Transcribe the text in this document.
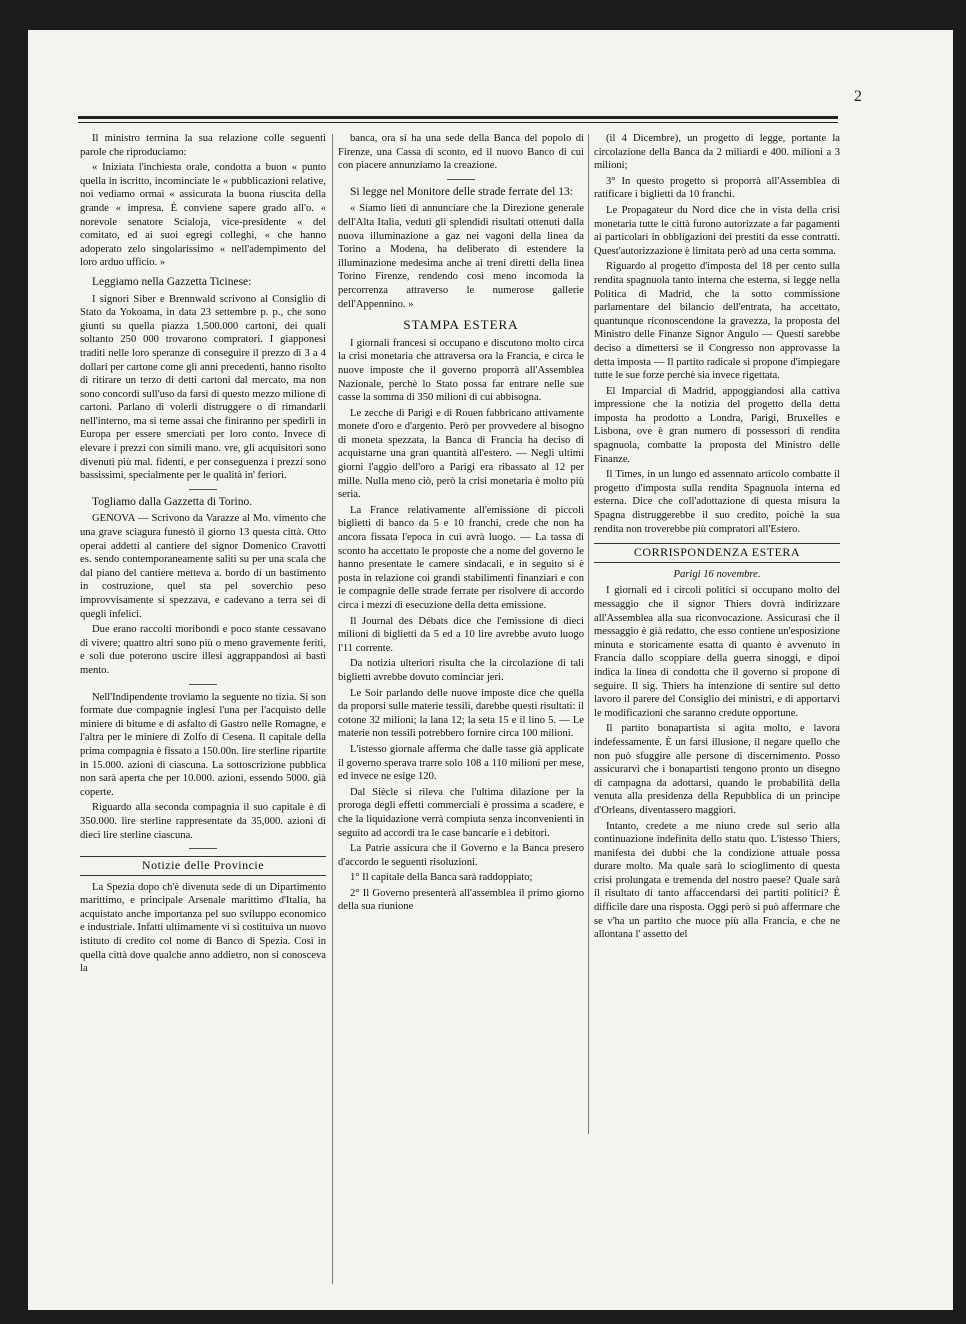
2

Il ministro termina la sua relazione colle seguenti parole che riproduciamo:

« Iniziata l'inchiesta orale, condotta a buon « punto quella in iscritto, incominciate le « pubblicazioni relative, noi vediamo ormai « assicurata la buona riuscita della grande « impresa. È conviene sapere grado all'o. « norevole senatore Scialoja, vice-presidente « del comitato, ed ai suoi egregi colleghi, « che hanno adoperato zelo singolarissimo « nell'adempimento del loro arduo ufficio. »

Leggiamo nella Gazzetta Ticinese:

I signori Siber e Brennwald scrivono al Consiglio di Stato da Yokoama, in data 23 settembre p. p., che sono giunti su quella piazza 1.500.000 cartoni, dei quali soltanto 250 000 trovarono compratori. I giapponesi traditi nelle loro speranze di conseguire il prezzo di 3 a 4 dollari per cartone come gli anni precedenti, hanno risolto di ritirare un terzo di detti cartoni dal mercato, ma non sono concordi sull'uso da farsi di questo mezzo milione di cartoni. Parlano di volerli distruggere o di rimandarli nell'interno, ma si teme assai che finiranno per spedirli in Europa per essere smerciati per loro conto. Invece di elevare i prezzi con simili mano. vre, gli acquisitori sono divenuti più mal. fidenti, e per conseguenza i prezzi sono bassissimi, specialmente per le qualità in' feriori.

Togliamo dalla Gazzetta di Torino.

GENOVA — Scrivono da Varazze al Mo. vimento che una grave sciagura funestò il giorno 13 questa città. Otto operai addetti al cantiere del signor Domenico Cravotti es. sendo contemporaneamente saliti su per una scala che dal piano del cantiere metteva a. bordo di un bastimento in costruzione, quel sta pel soverchio peso improvvisamente si spezzava, e cadevano a terra sei di quegli infelici.

Due erano raccolti moribondi e poco stante cessavano di vivere; quattro altri sono più o meno gravemente feriti, e soli due poterono uscire illesi aggrappandosi ai basti mento.

Nell'Indipendente troviamo la seguente no tizia. Si son formate due compagnie inglesi l'una per l'acquisto delle miniere di bitume e di asfalto di Gastro nelle Romagne, e l'altra per le miniere di Zolfo di Cesena. Il capitale della prima compagnia è fissato a 150.00n. lire sterline ripartite in 15.000. azioni di ciascuna. La sottoscrizione pubblica non sarà aperta che per 10.000. azioni, essendo 5000. già coperte.

Riguardo alla seconda compagnia il suo capitale è di 350.000. lire sterline rappresentate da 35,000. azioni di dieci lire sterline ciascuna.

Notizie delle Provincie

La Spezia dopo ch'è divenuta sede di un Dipartimento marittimo, e principale Arsenale marittimo d'Italia, ha acquistato anche importanza pel suo sviluppo economico e industriale. Infatti ultimamente vi si costituiva un nuovo istituto di credito col nome di Banco di Spezia. Così in quella città dove qualche anno addietro, non si conosceva la

banca, ora si ha una sede della Banca del popolo di Firenze, una Cassa di sconto, ed il nuovo Banco di cui con piacere annunziamo la creazione.

Si legge nel Monitore delle strade ferrate del 13:

« Siamo lieti di annunciare che la Direzione generale dell'Alta Italia, veduti gli splendidi risultati ottenuti dalla nuova illuminazione a gaz nei vagoni della linea da Torino a Modena, ha deliberato di estendere la illuminazione medesima anche ai treni diretti della linea Torino Firenze, rendendo così meno incomoda la percorrenza attraverso le numerose gallerie dell'Appennino. »

STAMPA ESTERA

I giornali francesi si occupano e discutono molto circa la crisi monetaria che attraversa ora la Francia, e circa le nuove imposte che il governo proporrà all'Assemblea Nazionale, perchè lo Stato possa far entrare nelle sue casse la somma di 350 milioni di cui abbisogna.

Le zecche di Parigi e di Rouen fabbricano attivamente monete d'oro e d'argento. Però per provvedere al bisogno di moneta spezzata, la Banca di Francia ha deciso di acquistarne una gran quantità all'estero. — Negli ultimi giorni l'aggio dell'oro a Parigi era ribassato al 12 per mille. Nulla meno ciò, però la crisi monetaria è molto più seria.

La France relativamente all'emissione di piccoli biglietti di banco da 5 e 10 franchi, crede che non ha ancora fissata l'epoca in cui avrà luogo. — La tassa di sconto ha accettato le proposte che a nome del governo le hanno presentate le camere sindacali, e in seguito si è posta in relazione coi grandi stabilimenti finanziari e con le compagnie delle strade ferrate per risolvere di accordo circa i mezzi di esecuzione della detta emissione.

Il Journal des Débats dice che l'emissione di dieci milioni di biglietti da 5 ed a 10 lire avrebbe avuto luogo l'11 corrente.

Da notizia ulteriori risulta che la circolazione di tali biglietti avrebbe dovuto cominciar jeri.

Le Soir parlando delle nuove imposte dice che quella da proporsi sulle materie tessili, darebbe questi risultati: il cotone 32 milioni; la lana 12; la seta 15 e il lino 5. — Le materie non tessili potrebbero fornire circa 100 milioni.

L'istesso giornale afferma che dalle tasse già applicate il governo sperava trarre solo 108 a 110 milioni per mese, ed invece ne esige 120.

Dal Siècle si rileva che l'ultima dilazione per la proroga degli effetti commerciali è prossima a scadere, e che la liquidazione verrà compiuta senza inconvenienti in seguito ad accordi tra le case bancarie e i debitori.

La Patrie assicura che il Governo e la Banca presero d'accordo le seguenti risoluzioni.

1° Il capitale della Banca sarà raddoppiato;

2° Il Governo presenterà all'assemblea il primo giorno della sua riunione

(il 4 Dicembre), un progetto di legge, portante la circolazione della Banca da 2 miliardi e 400. milioni a 3 milioni;

3° In questo progetto si proporrà all'Assemblea di ratificare i biglietti da 10 franchi.

Le Propagateur du Nord dice che in vista della crisi monetaria tutte le città furono autorizzate a far pagamenti ai particolari in obbligazioni dei prestiti da esse contratti. Quest'autorizzazione è limitata però ad una certa somma.

Riguardo al progetto d'imposta del 18 per cento sulla rendita spagnuola tanto interna che esterna, si legge nella Politica di Madrid, che la sotto commissione parlamentare del bilancio dell'entrata, ha accettato, quantunque riconoscendone la gravezza, la proposta del Ministro delle Finanze Signor Angulo — Questi sarebbe deciso a dimettersi se il Congresso non approvasse la detta imposta — Il partito radicale si propone d'impiegare tutte le sue forze perchè sia invece rigettata.

El Imparcial di Madrid, appoggiandosi alla cattiva impressione che la notizia del progetto della detta imposta ha prodotto a Londra, Parigi, Bruxelles e Lisbona, ove è gran numero di possessori di rendita spagnuola, combatte la proposta del Ministro delle Finanze.

Il Times, in un lungo ed assennato articolo combatte il progetto d'imposta sulla rendita Spagnuola interna ed esterna. Dice che coll'adottazione di questa misura la Spagna distruggerebbe il suo credito, poichè la sua rendita non troverebbe più compratori all'Estero.

CORRISPONDENZA ESTERA
Parigi 16 novembre.

I giornali ed i circoli politici si occupano molto del messaggio che il signor Thiers dovrà indirizzare all'Assemblea alla sua riconvocazione. Assicurasi che il messaggio è già redatto, che esso contiene un'esposizione minuta e storicamente esatta di quanto è avvenuto in Francia dallo scoppiare della guerra sinoggi, e dipoi indica la linea di condotta che il governo si propone di seguire. Il sig. Thiers ha intenzione di sentire sul detto lavoro il parere del Consiglio dei ministri, e di apportarvi le modificazioni che saranno credute opportune.

Il partito bonapartista si agita molto, e lavora indefessamente. È un farsi illusione, il negare quello che non può sfuggire alle persone di discernimento. Posso assicurarvi che i bonapartisti tengono pronto un disegno di campagna da adottarsi, quando le probabilità della venuta alla presidenza della Repubblica di un principe d'Orleans, diventassero maggiori.

Intanto, credete a me niuno crede sul serio alla continuazione indefinita dello statu quo. L'istesso Thiers, manifesta dei dubbi che la condizione attuale possa durare molto. Ma quale sarà lo scioglimento di questa crisi prolungata e tremenda del nostro paese? Quale sarà il risultato di tanto affaccendarsi dei partiti politici? È difficile dare una risposta. Oggi però si può affermare che se v'ha un partito che nuoce più alla Francia, e che ne allontana l' assetto del
